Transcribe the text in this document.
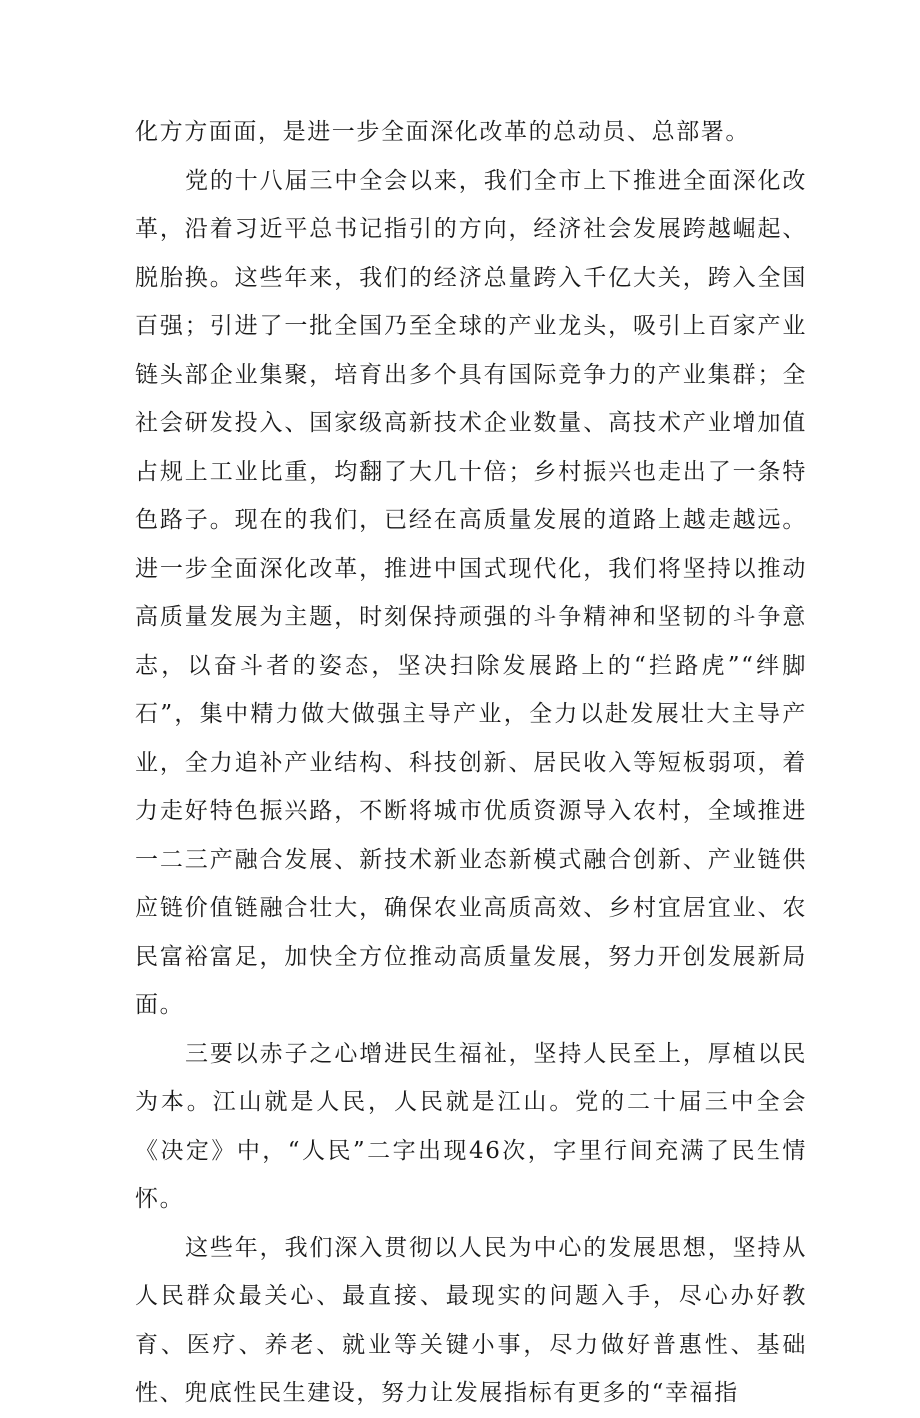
化方方面面，是进一步全面深化改革的总动员、总部署。

党的十八届三中全会以来，我们全市上下推进全面深化改革，沿着习近平总书记指引的方向，经济社会发展跨越崛起、脱胎换。这些年来，我们的经济总量跨入千亿大关，跨入全国百强；引进了一批全国乃至全球的产业龙头，吸引上百家产业链头部企业集聚，培育出多个具有国际竞争力的产业集群；全社会研发投入、国家级高新技术企业数量、高技术产业增加值占规上工业比重，均翻了大几十倍；乡村振兴也走出了一条特色路子。现在的我们，已经在高质量发展的道路上越走越远。进一步全面深化改革，推进中国式现代化，我们将坚持以推动高质量发展为主题，时刻保持顽强的斗争精神和坚韧的斗争意志，以奋斗者的姿态，坚决扫除发展路上的“拦路虎”“绊脚石”，集中精力做大做强主导产业，全力以赴发展壮大主导产业，全力追补产业结构、科技创新、居民收入等短板弱项，着力走好特色振兴路，不断将城市优质资源导入农村，全域推进一二三产融合发展、新技术新业态新模式融合创新、产业链供应链价值链融合壮大，确保农业高质高效、乡村宜居宜业、农民富裕富足，加快全方位推动高质量发展，努力开创发展新局面。

三要以赤子之心增进民生福祉，坚持人民至上，厚植以民为本。江山就是人民，人民就是江山。党的二十届三中全会《决定》中，“人民”二字出现46次，字里行间充满了民生情怀。

这些年，我们深入贯彻以人民为中心的发展思想，坚持从人民群众最关心、最直接、最现实的问题入手，尽心办好教育、医疗、养老、就业等关键小事，尽力做好普惠性、基础性、兜底性民生建设，努力让发展指标有更多的“幸福指
